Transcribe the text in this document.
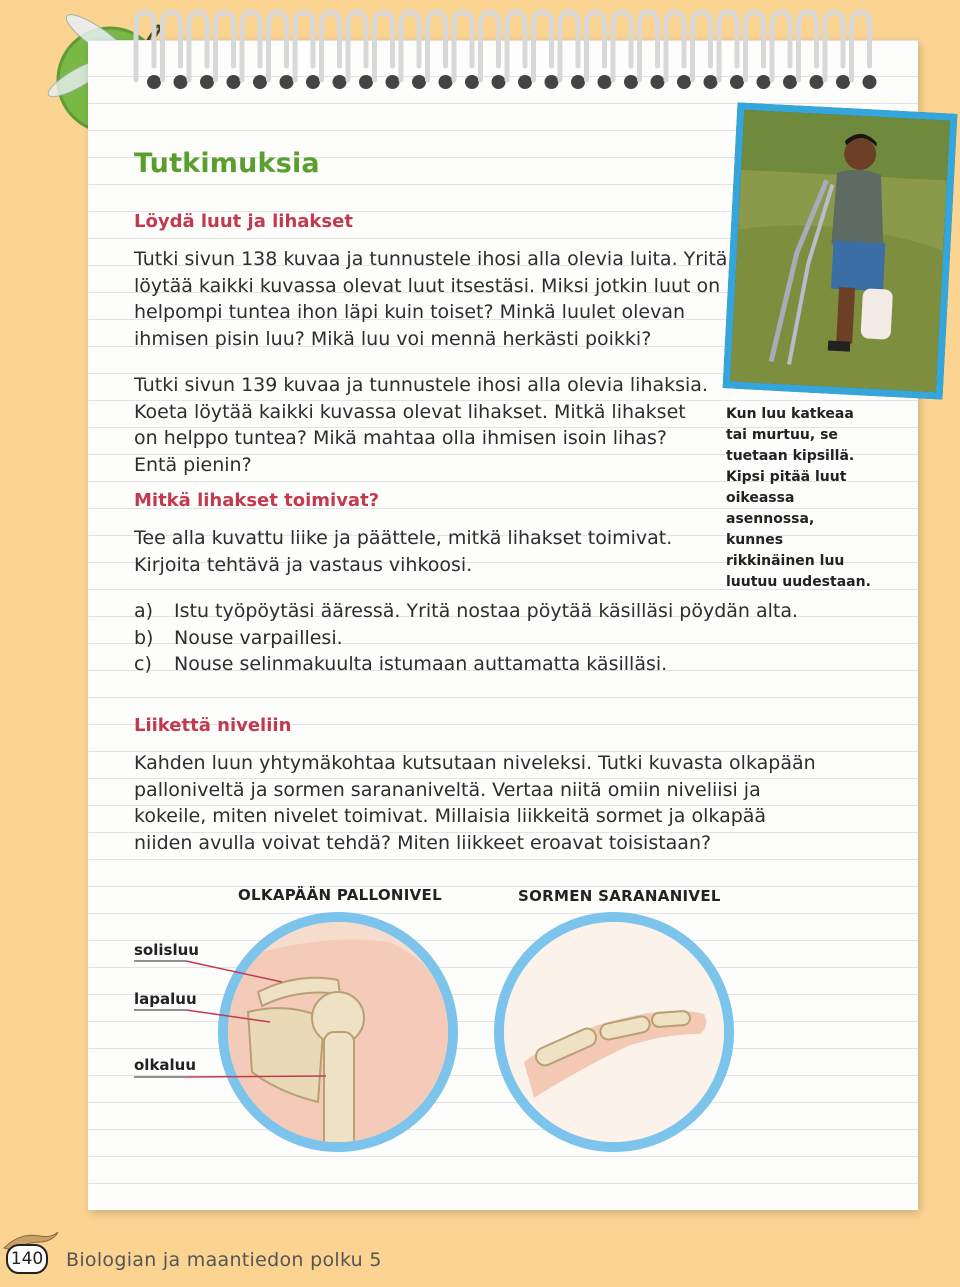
Tutkimuksia
Löydä luut ja lihakset

Tutki sivun 138 kuvaa ja tunnustele ihosi alla olevia luita. Yritä löytää kaikki kuvassa olevat luut itsestäsi. Miksi jotkin luut on helpompi tuntea ihon läpi kuin toiset? Minkä luulet olevan ihmisen pisin luu? Mikä luu voi mennä herkästi poikki?

Tutki sivun 139 kuvaa ja tunnustele ihosi alla olevia lihaksia. Koeta löytää kaikki kuvassa olevat lihakset. Mitkä lihakset on helppo tuntea? Mikä mahtaa olla ihmisen isoin lihas? Entä pienin?

Mitkä lihakset toimivat?

Tee alla kuvattu liike ja päättele, mitkä lihakset toimivat. Kirjoita tehtävä ja vastaus vihkoosi.

a)	Istu työpöytäsi ääressä. Yritä nostaa pöytää käsilläsi pöydän alta.
b)	Nouse varpaillesi.
c)	Nouse selinmakuulta istumaan auttamatta käsilläsi.
Liikettä niveliin

Kahden luun yhtymäkohtaa kutsutaan niveleksi. Tutki kuvasta olkapään palloniveltä ja sormen sarananiveltä. Vertaa niitä omiin niveliisi ja kokeile, miten nivelet toimivat. Millaisia liikkeitä sormet ja olkapää niiden avulla voivat tehdä? Miten liikkeet eroavat toisistaan?

Kun luu katkeaa tai murtuu, se tuetaan kipsillä. Kipsi pitää luut oikeassa asennossa, kunnes rikkinäinen luu luutuu uudestaan.

OLKAPÄÄN PALLONIVEL	SORMEN SARANANIVEL
solisluu
lapaluu
olkaluu
140 Biologian ja maantiedon polku 5
